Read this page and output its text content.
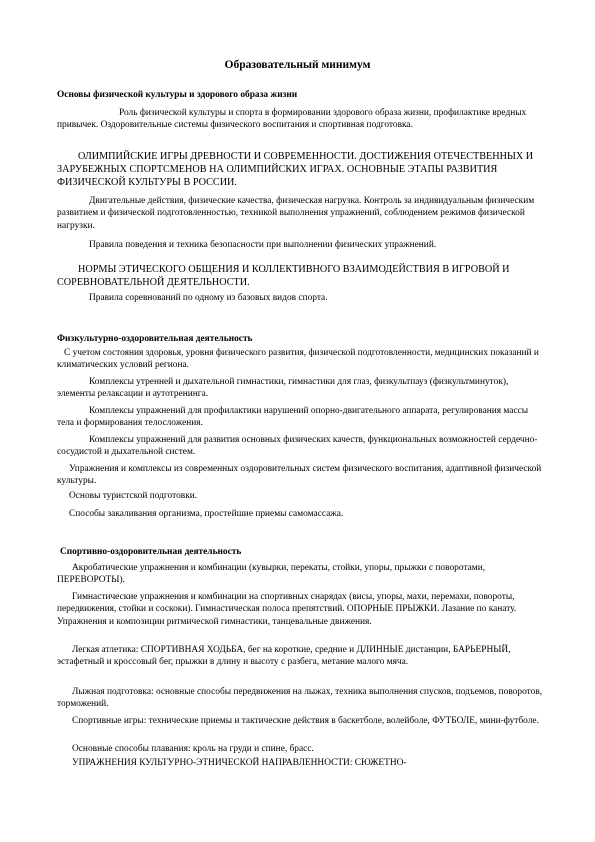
Образовательный минимум
Основы физической культуры и здорового образа жизни
Роль физической культуры и спорта в формировании здорового образа жизни, профилактике вредных привычек. Оздоровительные системы физического воспитания и спортивная подготовка.
ОЛИМПИЙСКИЕ ИГРЫ ДРЕВНОСТИ И СОВРЕМЕННОСТИ. ДОСТИЖЕНИЯ ОТЕЧЕСТВЕННЫХ И ЗАРУБЕЖНЫХ СПОРТСМЕНОВ НА ОЛИМПИЙСКИХ ИГРАХ. ОСНОВНЫЕ ЭТАПЫ РАЗВИТИЯ ФИЗИЧЕСКОЙ КУЛЬТУРЫ В РОССИИ.
Двигательные действия, физические качества, физическая нагрузка. Контроль за индивидуальным физическим развитием и физической подготовленностью, техникой выполнения упражнений, соблюдением режимов физической нагрузки.
Правила поведения и техника безопасности при выполнении физических упражнений.
НОРМЫ ЭТИЧЕСКОГО ОБЩЕНИЯ И КОЛЛЕКТИВНОГО ВЗАИМОДЕЙСТВИЯ В ИГРОВОЙ И СОРЕВНОВАТЕЛЬНОЙ ДЕЯТЕЛЬНОСТИ.
Правила соревнований по одному из базовых видов спорта.
Физкультурно-оздоровительная деятельность
С учетом состояния здоровья, уровня физического развития, физической подготовленности, медицинских показаний и климатических условий региона.
Комплексы утренней и дыхательной гимнастики, гимнастики для глаз, физкультпауз (физкультминуток), элементы релаксации и аутотренинга.
Комплексы упражнений для профилактики нарушений опорно-двигательного аппарата, регулирования массы тела и формирования телосложения.
Комплексы упражнений для развития основных физических качеств, функциональных возможностей сердечно-сосудистой и дыхательной систем.
Упражнения и комплексы из современных оздоровительных систем физического воспитания, адаптивной физической культуры.
Основы туристской подготовки.
Способы закаливания организма, простейшие приемы самомассажа.
Спортивно-оздоровительная деятельность
Акробатические упражнения и комбинации (кувырки, перекаты, стойки, упоры, прыжки с поворотами, ПЕРЕВОРОТЫ).
Гимнастические упражнения и комбинации на спортивных снарядах (висы, упоры, махи, перемахи, повороты, передвижения, стойки и соскоки). Гимнастическая полоса препятствий. ОПОРНЫЕ ПРЫЖКИ. Лазание по канату. Упражнения и композиции ритмической гимнастики, танцевальные движения.
Легкая атлетика: СПОРТИВНАЯ ХОДЬБА, бег на короткие, средние и ДЛИННЫЕ дистанции, БАРЬЕРНЫЙ, эстафетный и кроссовый бег, прыжки в длину и высоту с разбега, метание малого мяча.
Лыжная подготовка: основные способы передвижения на лыжах, техника выполнения спусков, подъемов, поворотов, торможений.
Спортивные игры: технические приемы и тактические действия в баскетболе, волейболе, ФУТБОЛЕ, мини-футболе.
Основные способы плавания: кроль на груди и спине, брасс.
УПРАЖНЕНИЯ КУЛЬТУРНО-ЭТНИЧЕСКОЙ НАПРАВЛЕННОСТИ: СЮЖЕТНО-
